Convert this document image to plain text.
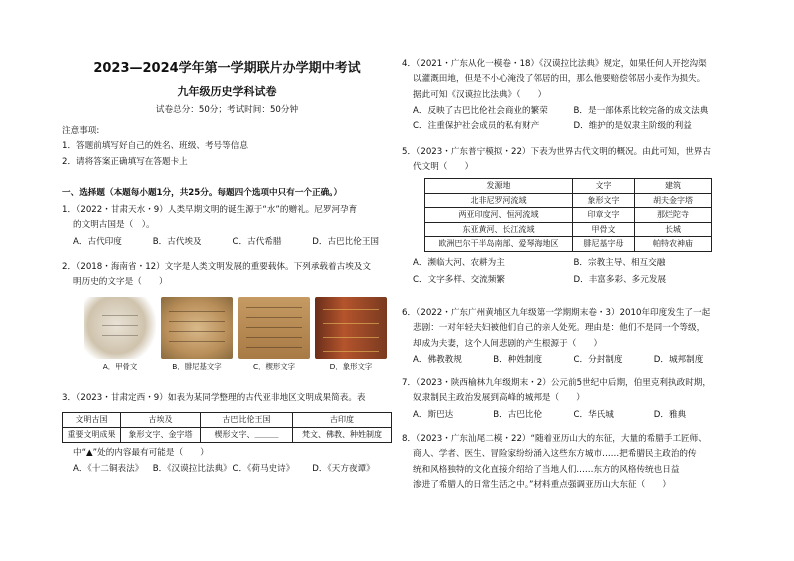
2023—2024学年第一学期联片办学期中考试
九年级历史学科试卷
试卷总分：50分；考试时间：50分钟
注意事项:
1．答题前填写好自己的姓名、班级、考号等信息
2．请将答案正确填写在答题卡上
一、选择题（本题每小题1分，共25分。每题四个选项中只有一个正确。）
1．（2022・甘肃天水・9）人类早期文明的诞生源于“水”的赠礼。尼罗河孕育
的文明古国是（　）。
A．古代印度	B．古代埃及	C．古代希腊	D．古巴比伦王国
2．（2018・海南省・12）文字是人类文明发展的重要载体。下列承载着古埃及文
明历史的文字是（　　）
A．甲骨文	B．腓尼基文字	C．楔形文字	D．象形文字
3．（2023・甘肃定西・9）如表为某同学整理的古代亚非地区文明成果简表。表
文明古国	古埃及	古巴比伦王国	古印度
重要文明成果	象形文字、金字塔	楔形文字、＿＿＿	梵文、佛教、种姓制度
中“▲”处的内容最有可能是（　　）
A．《十二铜表法》	B．《汉谟拉比法典》 C．《荷马史诗》	D．《天方夜谭》
4．（2021・广东从化一模卷・18）《汉谟拉比法典》规定，如果任何人开挖沟渠
以灌溉田地，但是不小心淹没了邻居的田，那么他要赔偿邻居小麦作为损失。
据此可知《汉谟拉比法典》（　　）
A．反映了古巴比伦社会商业的繁荣	B．是一部体系比较完备的成文法典
C．注重保护社会成员的私有财产	D．维护的是奴隶主阶级的利益
5．（2023・广东普宁模拟・22）下表为世界古代文明的概况。由此可知，世界古
代文明（　　）
发源地	文字	建筑
北非尼罗河流域	象形文字	胡夫金字塔
两亚印度河、恒河流域	印章文字	那烂陀寺
东亚黄河、长江流域	甲骨文	长城
欧洲巴尔干半岛南部、爱琴海地区	腓尼基字母	帕特农神庙
A．濒临大河、农耕为主	B．宗教主导、相互交融
C．文字多样、交流频繁	D．丰富多彩、多元发展
6．（2022・广东广州黄埔区九年级第一学期期末卷・3）2010年印度发生了一起
悲剧：一对年轻夫妇被他们自己的亲人处死。理由是：他们不是同一个等级，
却成为夫妻，这个人间悲剧的产生根源于（　　）
A．佛教教规	B．种姓制度	C．分封制度	D．城邦制度
7．（2023・陕西榆林九年级期末・2）公元前5世纪中后期，伯里克利执政时期，
奴隶制民主政治发展到高峰的城邦是（　　）
A．斯巴达	B．古巴比伦	C．华氏城	D．雅典
8．（2023・广东汕尾二模・22）“随着亚历山大的东征，大量的希腊手工匠师、
商人、学者、医生、冒险家纷纷涌入这些东方城市……把希腊民主政治的传
统和风格独特的文化直接介绍给了当地人们……东方的风格传统也日益
渗进了希腊人的日常生活之中。”材料重点强调亚历山大东征（　　）
